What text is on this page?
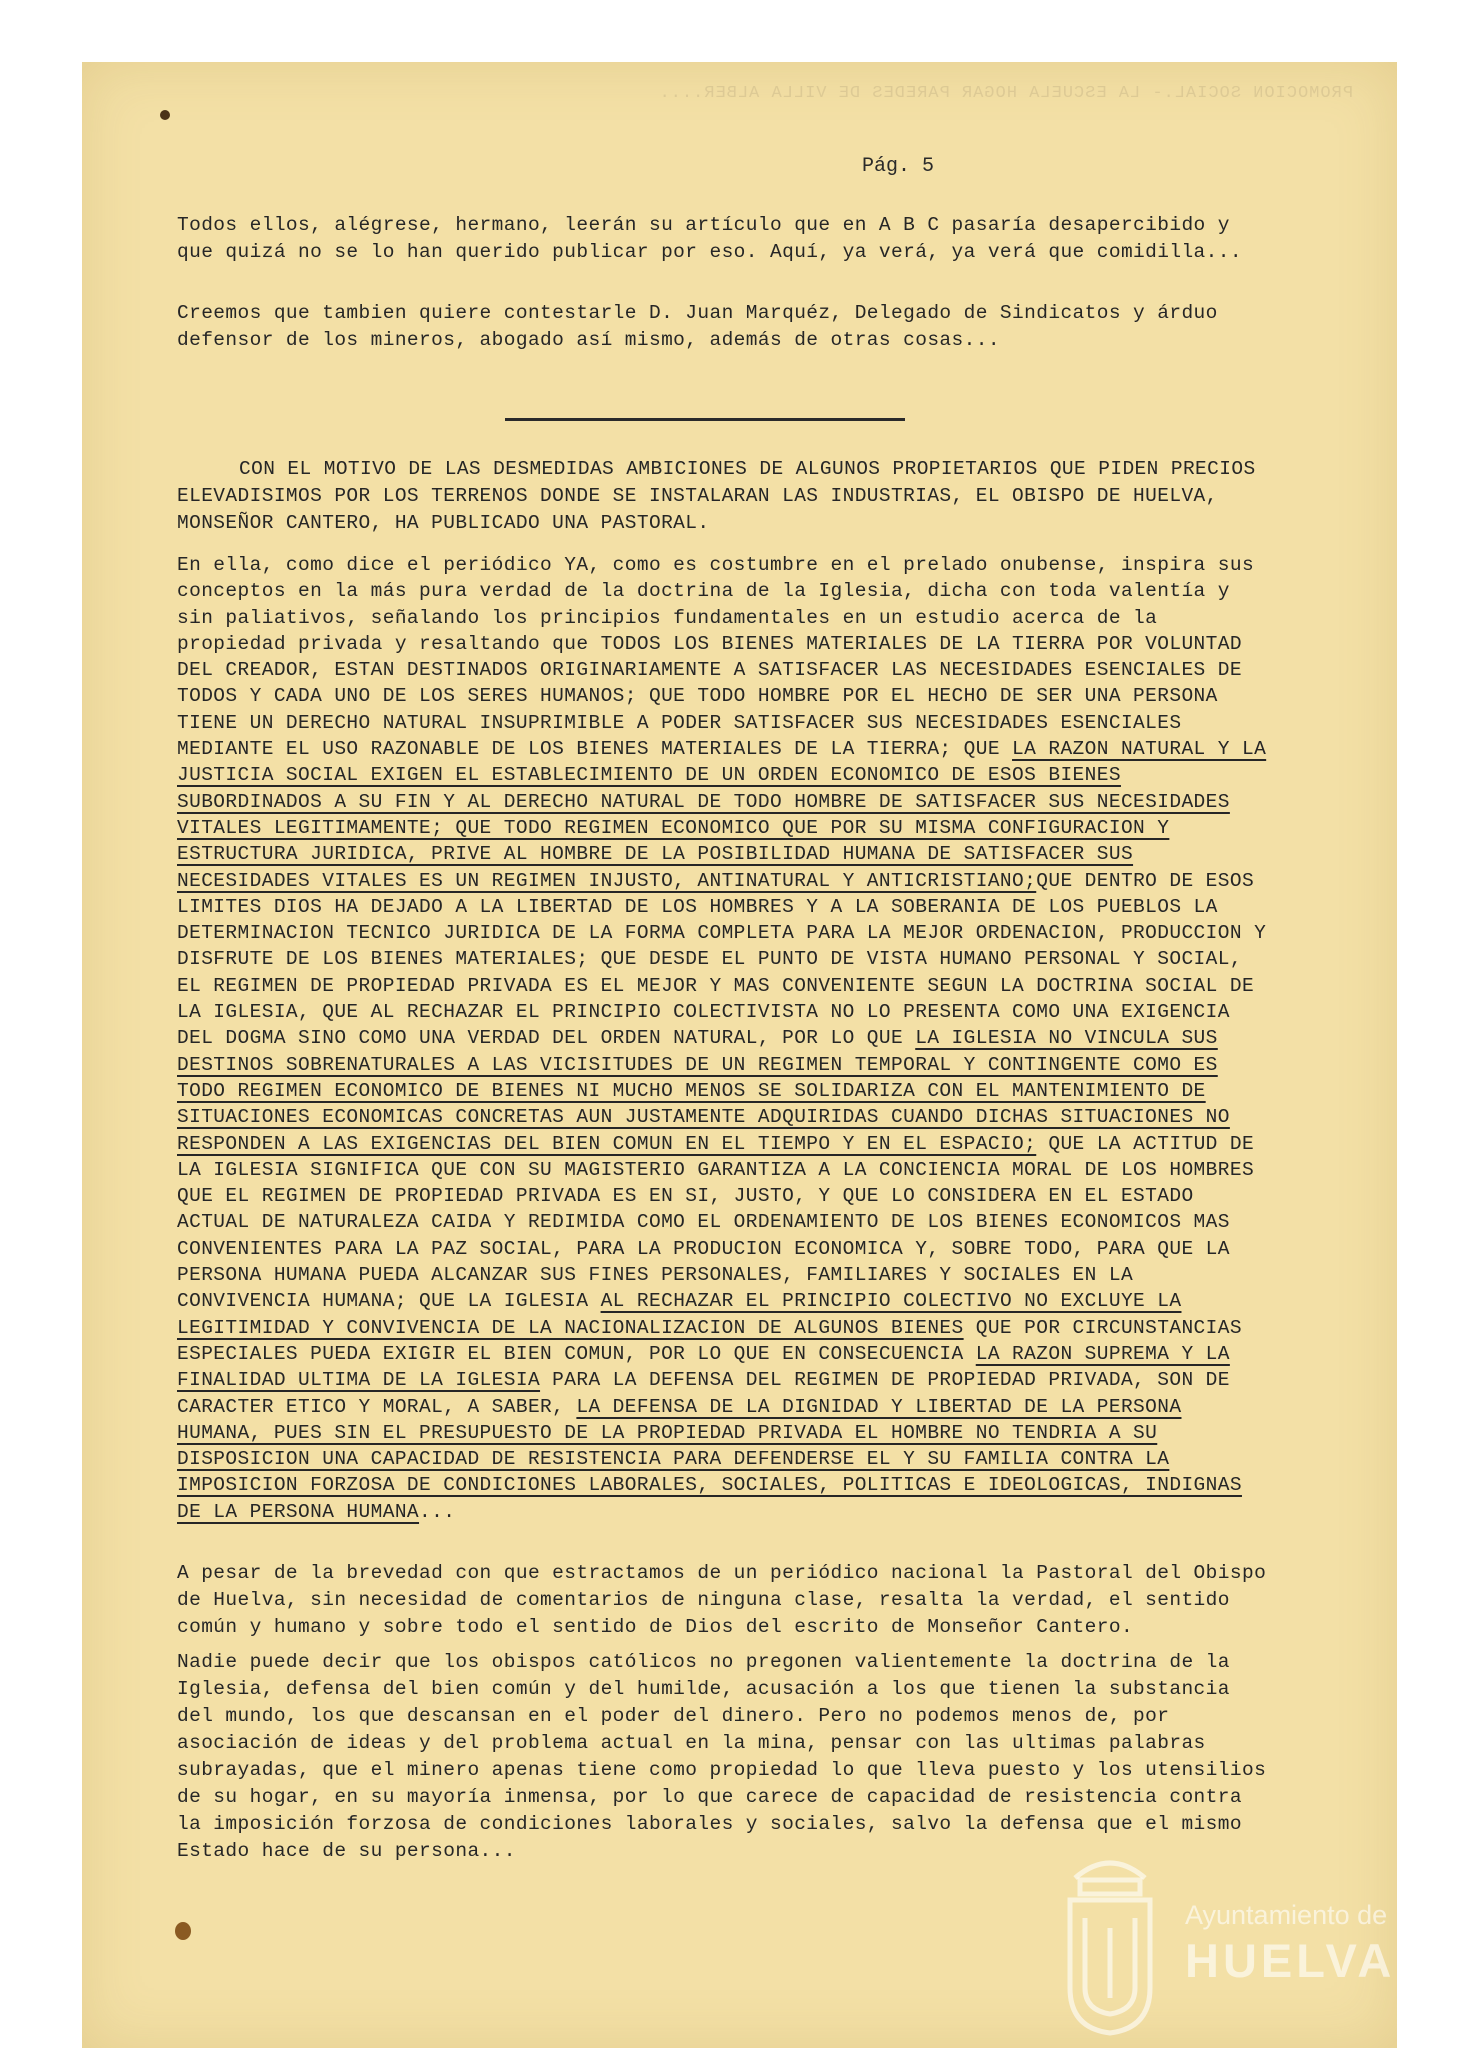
PROMOCION SOCIAL.- LA ESCUELA HOGAR PAREDES DE VILLA ALBER....
Pág. 5

Todos ellos, alégrese, hermano, leerán su artículo que en A B C pasaría desapercibido y que quizá no se lo han querido publicar por eso. Aquí, ya verá, ya verá que comidilla...

Creemos que tambien quiere contestarle D. Juan Marquéz, Delegado de Sindicatos y árduo defensor de los mineros, abogado así mismo, además de otras cosas...

CON EL MOTIVO DE LAS DESMEDIDAS AMBICIONES DE ALGUNOS PROPIETARIOS QUE PIDEN PRECIOS ELEVADISIMOS POR LOS TERRENOS DONDE SE INSTALARAN LAS INDUSTRIAS, EL OBISPO DE HUELVA, MONSEÑOR CANTERO, HA PUBLICADO UNA PASTORAL.

En ella, como dice el periódico YA, como es costumbre en el prelado onubense, inspira sus conceptos en la más pura verdad de la doctrina de la Iglesia, dicha con toda valentía y sin paliativos, señalando los principios fundamentales en un estudio acerca de la propiedad privada y resaltando que TODOS LOS BIENES MATERIALES DE LA TIERRA POR VOLUNTAD DEL CREADOR, ESTAN DESTINADOS ORIGINARIAMENTE A SATISFACER LAS NECESIDADES ESENCIALES DE TODOS Y CADA UNO DE LOS SERES HUMANOS; QUE TODO HOMBRE POR EL HECHO DE SER UNA PERSONA TIENE UN DERECHO NATURAL INSUPRIMIBLE A PODER SATISFACER SUS NECESIDADES ESENCIALES MEDIANTE EL USO RAZONABLE DE LOS BIENES MATERIALES DE LA TIERRA; QUE LA RAZON NATURAL Y LA JUSTICIA SOCIAL EXIGEN EL ESTABLECIMIENTO DE UN ORDEN ECONOMICO DE ESOS BIENES SUBORDINADOS A SU FIN Y AL DERECHO NATURAL DE TODO HOMBRE DE SATISFACER SUS NECESIDADES VITALES LEGITIMAMENTE; QUE TODO REGIMEN ECONOMICO QUE POR SU MISMA CONFIGURACION Y ESTRUCTURA JURIDICA, PRIVE AL HOMBRE DE LA POSIBILIDAD HUMANA DE SATISFACER SUS NECESIDADES VITALES ES UN REGIMEN INJUSTO, ANTINATURAL Y ANTICRISTIANO;QUE DENTRO DE ESOS LIMITES DIOS HA DEJADO A LA LIBERTAD DE LOS HOMBRES Y A LA SOBERANIA DE LOS PUEBLOS LA DETERMINACION TECNICO JURIDICA DE LA FORMA COMPLETA PARA LA MEJOR ORDENACION, PRODUCCION Y DISFRUTE DE LOS BIENES MATERIALES; QUE DESDE EL PUNTO DE VISTA HUMANO PERSONAL Y SOCIAL, EL REGIMEN DE PROPIEDAD PRIVADA ES EL MEJOR Y MAS CONVENIENTE SEGUN LA DOCTRINA SOCIAL DE LA IGLESIA, QUE AL RECHAZAR EL PRINCIPIO COLECTIVISTA NO LO PRESENTA COMO UNA EXIGENCIA DEL DOGMA SINO COMO UNA VERDAD DEL ORDEN NATURAL, POR LO QUE LA IGLESIA NO VINCULA SUS DESTINOS SOBRENATURALES A LAS VICISITUDES DE UN REGIMEN TEMPORAL Y CONTINGENTE COMO ES TODO REGIMEN ECONOMICO DE BIENES NI MUCHO MENOS SE SOLIDARIZA CON EL MANTENIMIENTO DE SITUACIONES ECONOMICAS CONCRETAS AUN JUSTAMENTE ADQUIRIDAS CUANDO DICHAS SITUACIONES NO RESPONDEN A LAS EXIGENCIAS DEL BIEN COMUN EN EL TIEMPO Y EN EL ESPACIO; QUE LA ACTITUD DE LA IGLESIA SIGNIFICA QUE CON SU MAGISTERIO GARANTIZA A LA CONCIENCIA MORAL DE LOS HOMBRES QUE EL REGIMEN DE PROPIEDAD PRIVADA ES EN SI, JUSTO, Y QUE LO CONSIDERA EN EL ESTADO ACTUAL DE NATURALEZA CAIDA Y REDIMIDA COMO EL ORDENAMIENTO DE LOS BIENES ECONOMICOS MAS CONVENIENTES PARA LA PAZ SOCIAL, PARA LA PRODUCION ECONOMICA Y, SOBRE TODO, PARA QUE LA PERSONA HUMANA PUEDA ALCANZAR SUS FINES PERSONALES, FAMILIARES Y SOCIALES EN LA CONVIVENCIA HUMANA; QUE LA IGLESIA AL RECHAZAR EL PRINCIPIO COLECTIVO NO EXCLUYE LA LEGITIMIDAD Y CONVIVENCIA DE LA NACIONALIZACION DE ALGUNOS BIENES QUE POR CIRCUNSTANCIAS ESPECIALES PUEDA EXIGIR EL BIEN COMUN, POR LO QUE EN CONSECUENCIA LA RAZON SUPREMA Y LA FINALIDAD ULTIMA DE LA IGLESIA PARA LA DEFENSA DEL REGIMEN DE PROPIEDAD PRIVADA, SON DE CARACTER ETICO Y MORAL, A SABER, LA DEFENSA DE LA DIGNIDAD Y LIBERTAD DE LA PERSONA HUMANA, PUES SIN EL PRESUPUESTO DE LA PROPIEDAD PRIVADA EL HOMBRE NO TENDRIA A SU DISPOSICION UNA CAPACIDAD DE RESISTENCIA PARA DEFENDERSE EL Y SU FAMILIA CONTRA LA IMPOSICION FORZOSA DE CONDICIONES LABORALES, SOCIALES, POLITICAS E IDEOLOGICAS, INDIGNAS DE LA PERSONA HUMANA...

A pesar de la brevedad con que estractamos de un periódico nacional la Pastoral del Obispo de Huelva, sin necesidad de comentarios de ninguna clase, resalta la verdad, el sentido común y humano y sobre todo el sentido de Dios del escrito de Monseñor Cantero.

Nadie puede decir que los obispos católicos no pregonen valientemente la doctrina de la Iglesia, defensa del bien común y del humilde, acusación a los que tienen la substancia del mundo, los que descansan en el poder del dinero. Pero no podemos menos de, por asociación de ideas y del problema actual en la mina, pensar con las ultimas palabras subrayadas, que el minero apenas tiene como propiedad lo que lleva puesto y los utensilios de su hogar, en su mayoría inmensa, por lo que carece de capacidad de resistencia contra la imposición forzosa de condiciones laborales y sociales, salvo la defensa que el mismo Estado hace de su persona...

Ayuntamiento de
HUELVA
